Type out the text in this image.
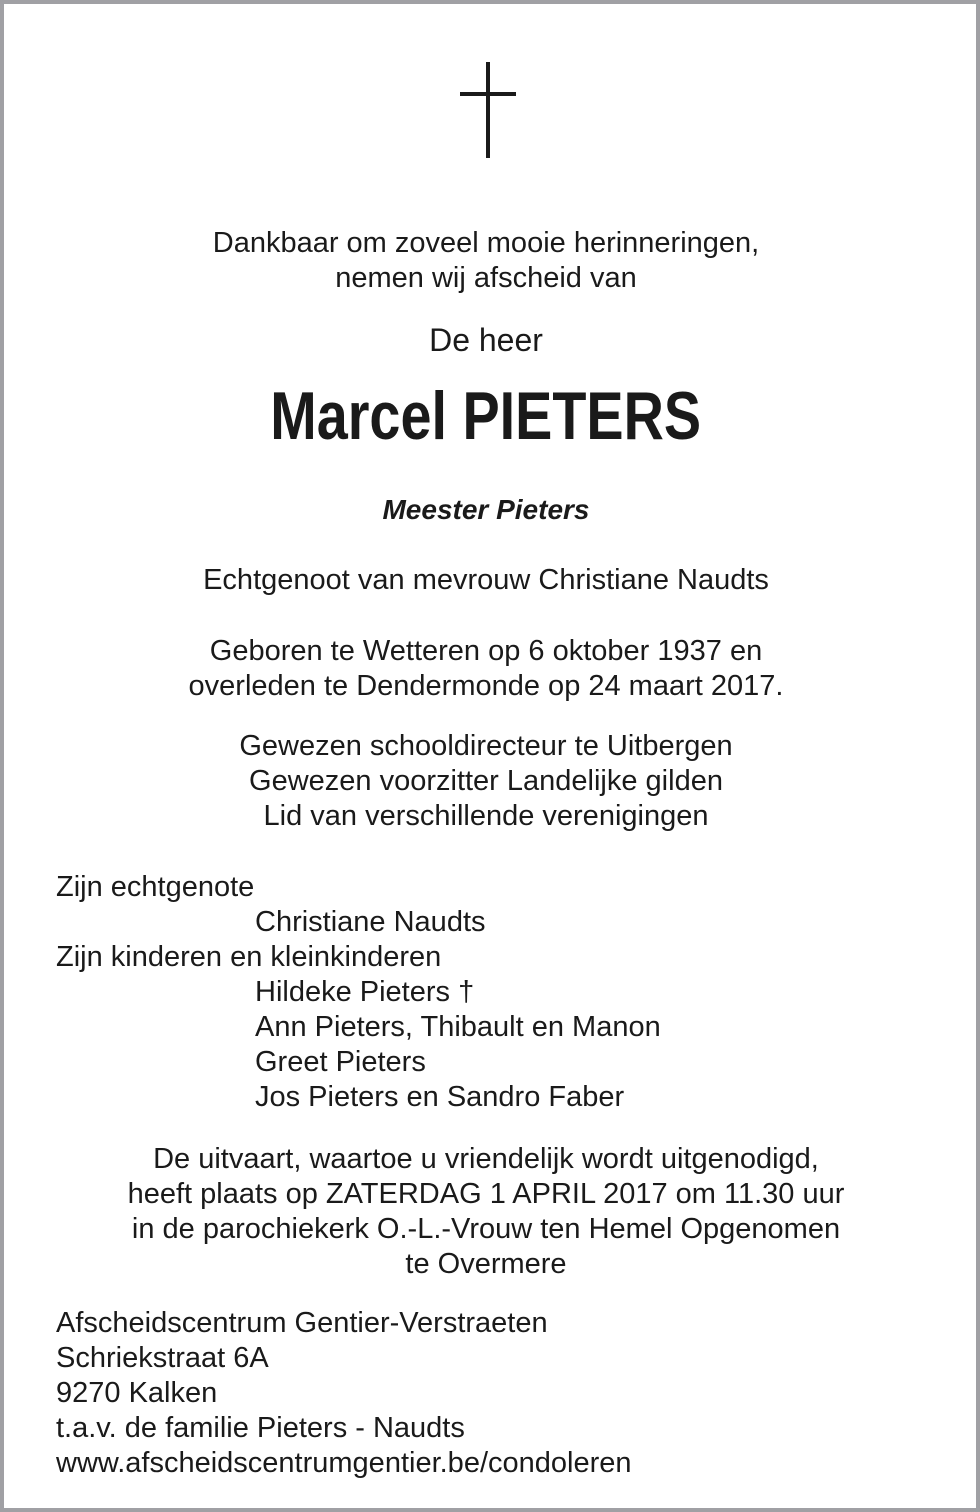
Dankbaar om zoveel mooie herinneringen,
nemen wij afscheid van
De heer
Marcel PIETERS
Meester Pieters
Echtgenoot van mevrouw Christiane Naudts
Geboren te Wetteren op 6 oktober 1937 en
overleden te Dendermonde op 24 maart 2017.
Gewezen schooldirecteur te Uitbergen
Gewezen voorzitter Landelijke gilden
Lid van verschillende verenigingen
Zijn echtgenote
Christiane Naudts
Zijn kinderen en kleinkinderen
Hildeke Pieters †
Ann Pieters, Thibault en Manon
Greet Pieters
Jos Pieters en Sandro Faber
De uitvaart, waartoe u vriendelijk wordt uitgenodigd,
heeft plaats op ZATERDAG 1 APRIL 2017 om 11.30 uur
in de parochiekerk O.-L.-Vrouw ten Hemel Opgenomen
te Overmere
Afscheidscentrum Gentier-Verstraeten
Schriekstraat 6A
9270 Kalken
t.a.v. de familie Pieters - Naudts
www.afscheidscentrumgentier.be/condoleren
